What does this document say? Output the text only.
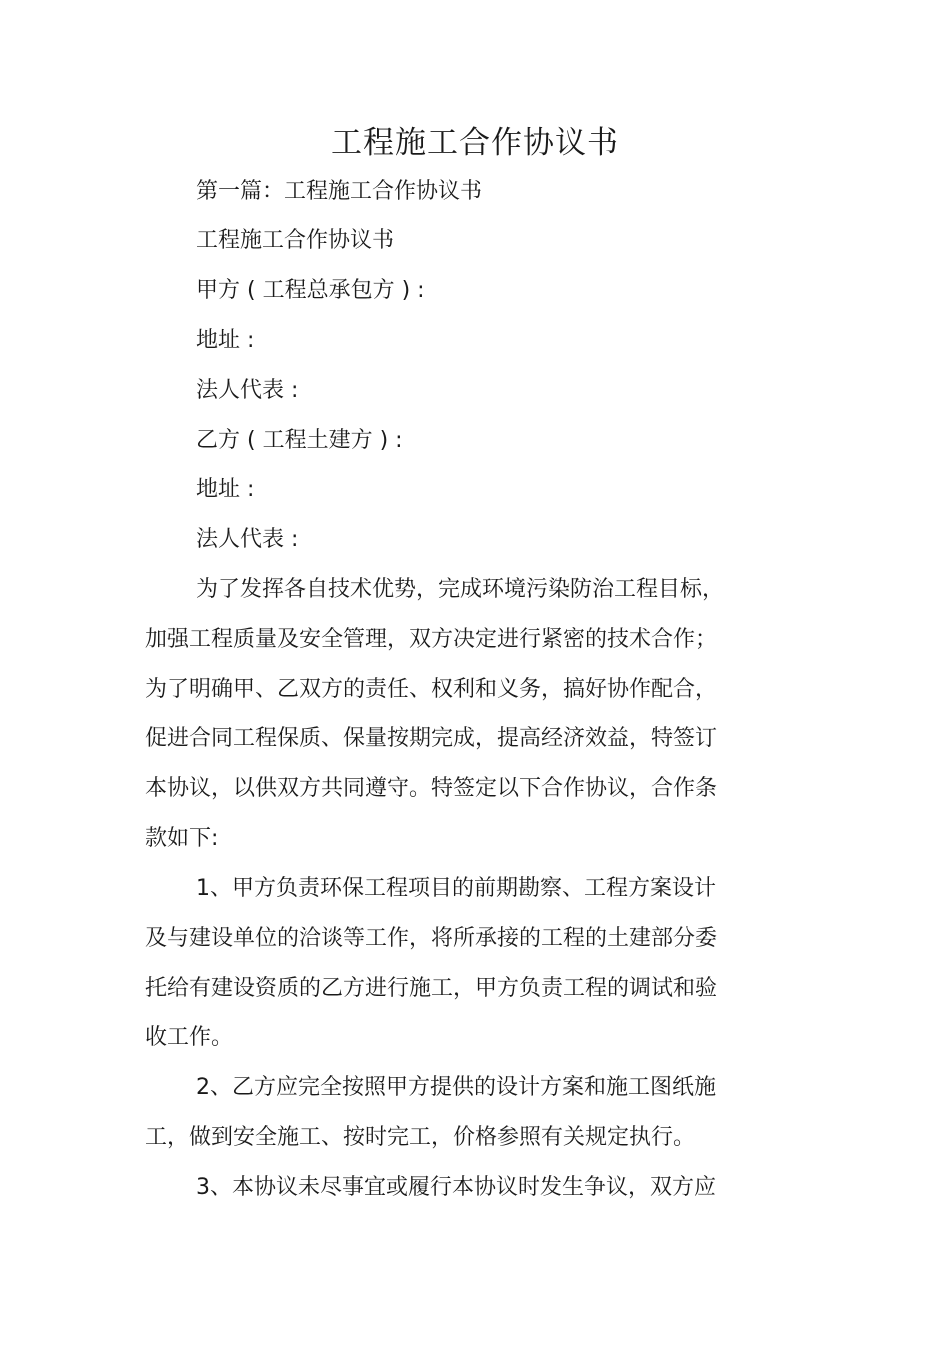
工程施工合作协议书
第一篇：工程施工合作协议书
工程施工合作协议书
甲方 ( 工程总承包方 ) :
地址 :
法人代表 :
乙方 ( 工程土建方 ) :
地址 :
法人代表 :
为了发挥各自技术优势，完成环境污染防治工程目标，
加强工程质量及安全管理，双方决定进行紧密的技术合作；
为了明确甲、乙双方的责任、权利和义务，搞好协作配合，
促进合同工程保质、保量按期完成，提高经济效益，特签订
本协议，以供双方共同遵守。特签定以下合作协议，合作条
款如下:
1、甲方负责环保工程项目的前期勘察、工程方案设计
及与建设单位的洽谈等工作，将所承接的工程的土建部分委
托给有建设资质的乙方进行施工，甲方负责工程的调试和验
收工作。
2、乙方应完全按照甲方提供的设计方案和施工图纸施
工，做到安全施工、按时完工，价格参照有关规定执行。
3、本协议未尽事宜或履行本协议时发生争议，双方应
